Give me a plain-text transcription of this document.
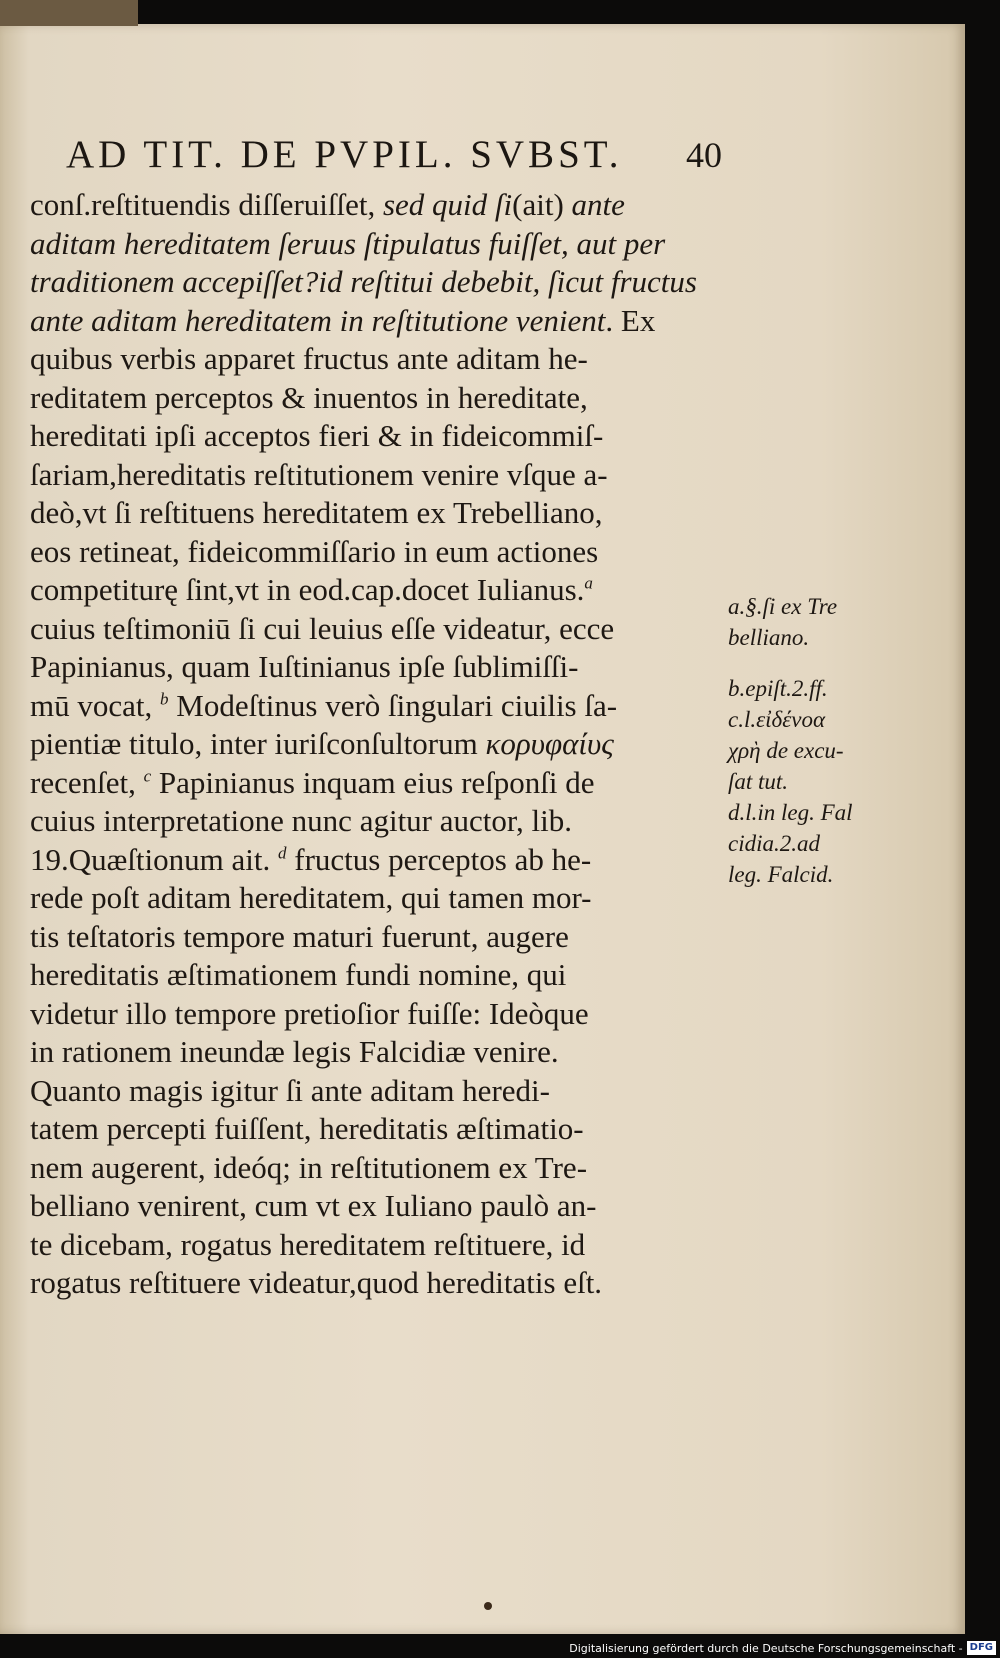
AD TIT. DE PVPIL. SVBST. 40
conſ.reſtituendis diſſeruiſſet, sed quid ſi(ait) ante
aditam hereditatem ſeruus ſtipulatus fuiſſet, aut per
traditionem accepiſſet?id reſtitui debebit, ſicut fructus
ante aditam hereditatem in reſtitutione venient. Ex
quibus verbis apparet fructus ante aditam he-
reditatem perceptos & inuentos in hereditate,
hereditati ipſi acceptos fieri & in fideicommiſ-
ſariam,hereditatis reſtitutionem venire vſque a-
deò,vt ſi reſtituens hereditatem ex Trebelliano,
eos retineat, fideicommiſſario in eum actiones
competiturę ſint,vt in eod.cap.docet Iulianus.$^a$
cuius teſtimoniū ſi cui leuius eſſe videatur, ecce
Papinianus, quam Iuſtinianus ipſe ſublimiſſi-
mū vocat, $^b$ Modeſtinus verò ſingulari ciuilis ſa-
pientiæ titulo, inter iuriſconſultorum κορυφαίυς
recenſet, $^c$ Papinianus inquam eius reſponſi de
cuius interpretatione nunc agitur auctor, lib.
19.Quæſtionum ait. $^d$ fructus perceptos ab he-
rede poſt aditam hereditatem, qui tamen mor-
tis teſtatoris tempore maturi fuerunt, augere
hereditatis æſtimationem fundi nomine, qui
videtur illo tempore pretioſior fuiſſe: Ideòque
in rationem ineundæ legis Falcidiæ venire.
Quanto magis igitur ſi ante aditam heredi-
tatem percepti fuiſſent, hereditatis æſtimatio-
nem augerent, ideóq; in reſtitutionem ex Tre-
belliano venirent, cum vt ex Iuliano paulò an-
te dicebam, rogatus hereditatem reſtituere, id
rogatus reſtituere videatur,quod hereditatis eſt.
a.§.ſi ex Tre
belliano.
b.epiſt.2.ff.
c.l.εἰδένοα
χρὴ de excu-
ſat tut.
d.l.in leg. Fal
cidia.2.ad
leg. Falcid.
Digitalisierung gefördert durch die Deutsche Forschungsgemeinschaft - DFG
